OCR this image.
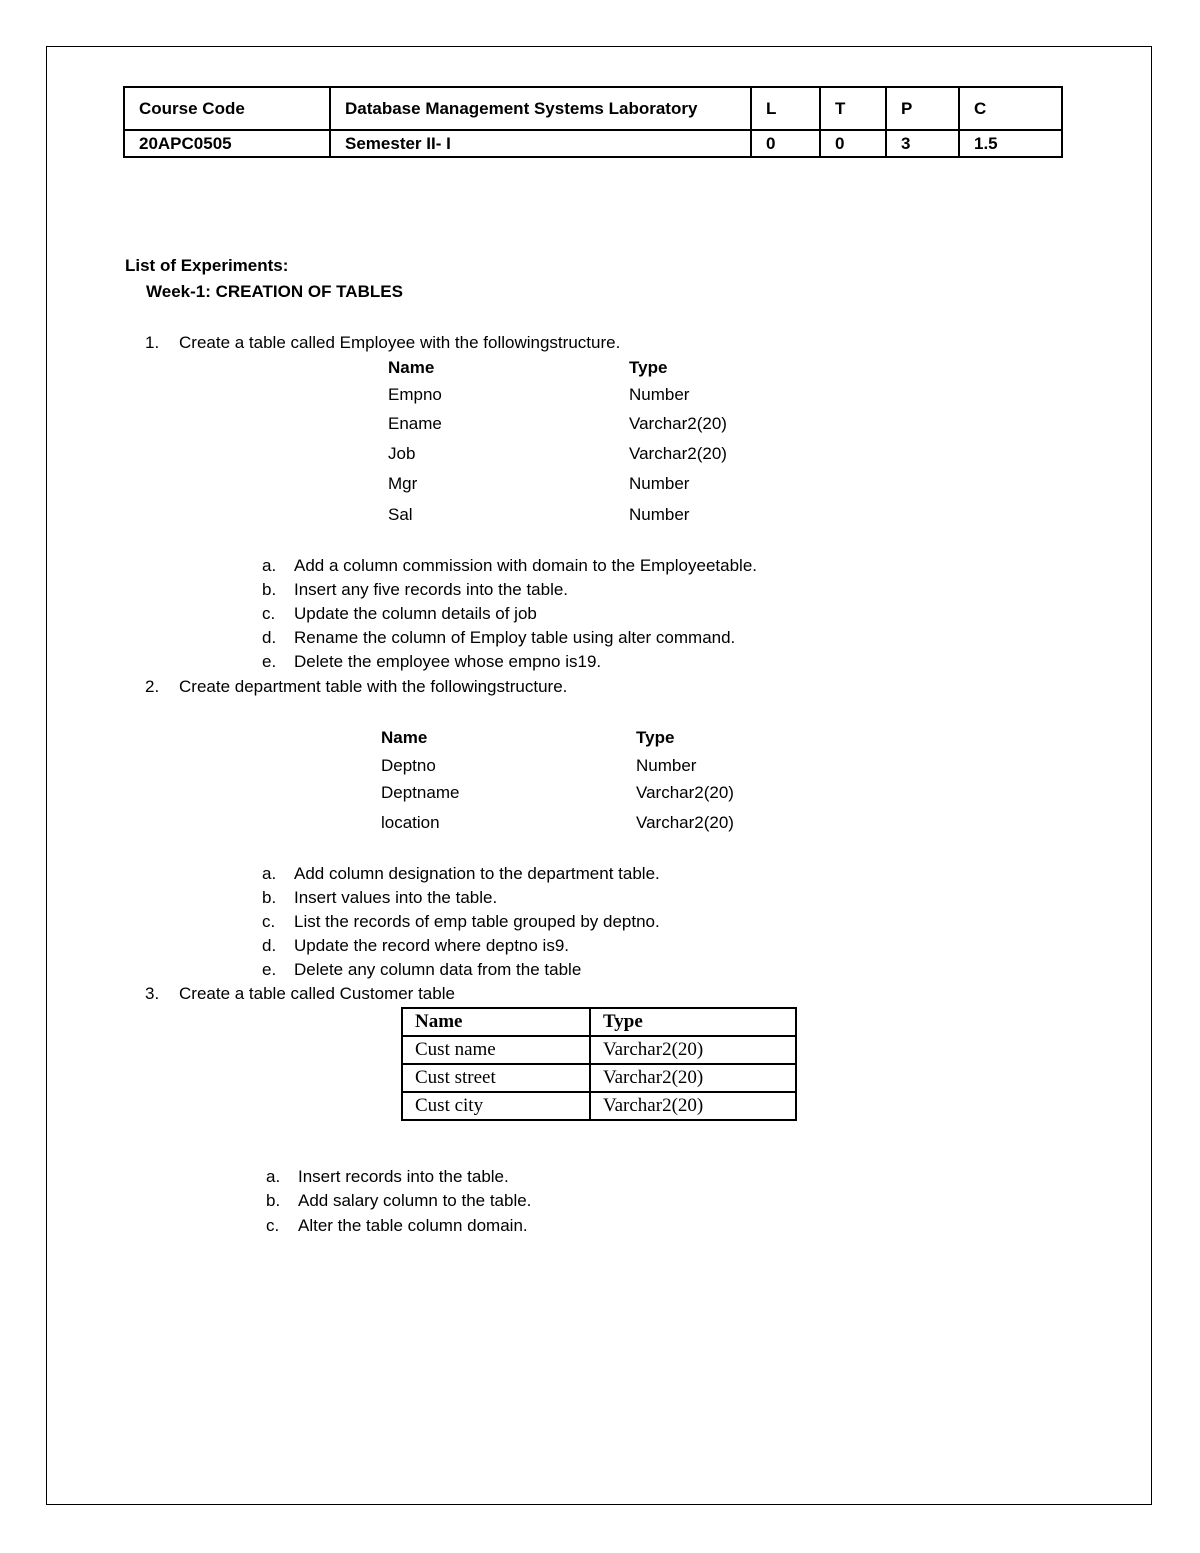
Course Code	Database Management Systems Laboratory	L	T	P	C
20APC0505	Semester II- I	0	0	3	1.5
List of Experiments:
Week-1: CREATION OF TABLES
1. Create a table called Employee with the followingstructure.
Name	Type
Empno	Number
Ename	Varchar2(20)
Job	Varchar2(20)
Mgr	Number
Sal	Number
a. Add a column commission with domain to the Employeetable.
b. Insert any five records into the table.
c. Update the column details of job
d. Rename the column of Employ table using alter command.
e. Delete the employee whose empno is19.
2. Create department table with the followingstructure.
Name	Type
Deptno	Number
Deptname	Varchar2(20)
location	Varchar2(20)
a. Add column designation to the department table.
b. Insert values into the table.
c. List the records of emp table grouped by deptno.
d. Update the record where deptno is9.
e. Delete any column data from the table
3. Create a table called Customer table
Name	Type
Cust name	Varchar2(20)
Cust street	Varchar2(20)
Cust city	Varchar2(20)
a. Insert records into the table.
b. Add salary column to the table.
c. Alter the table column domain.
